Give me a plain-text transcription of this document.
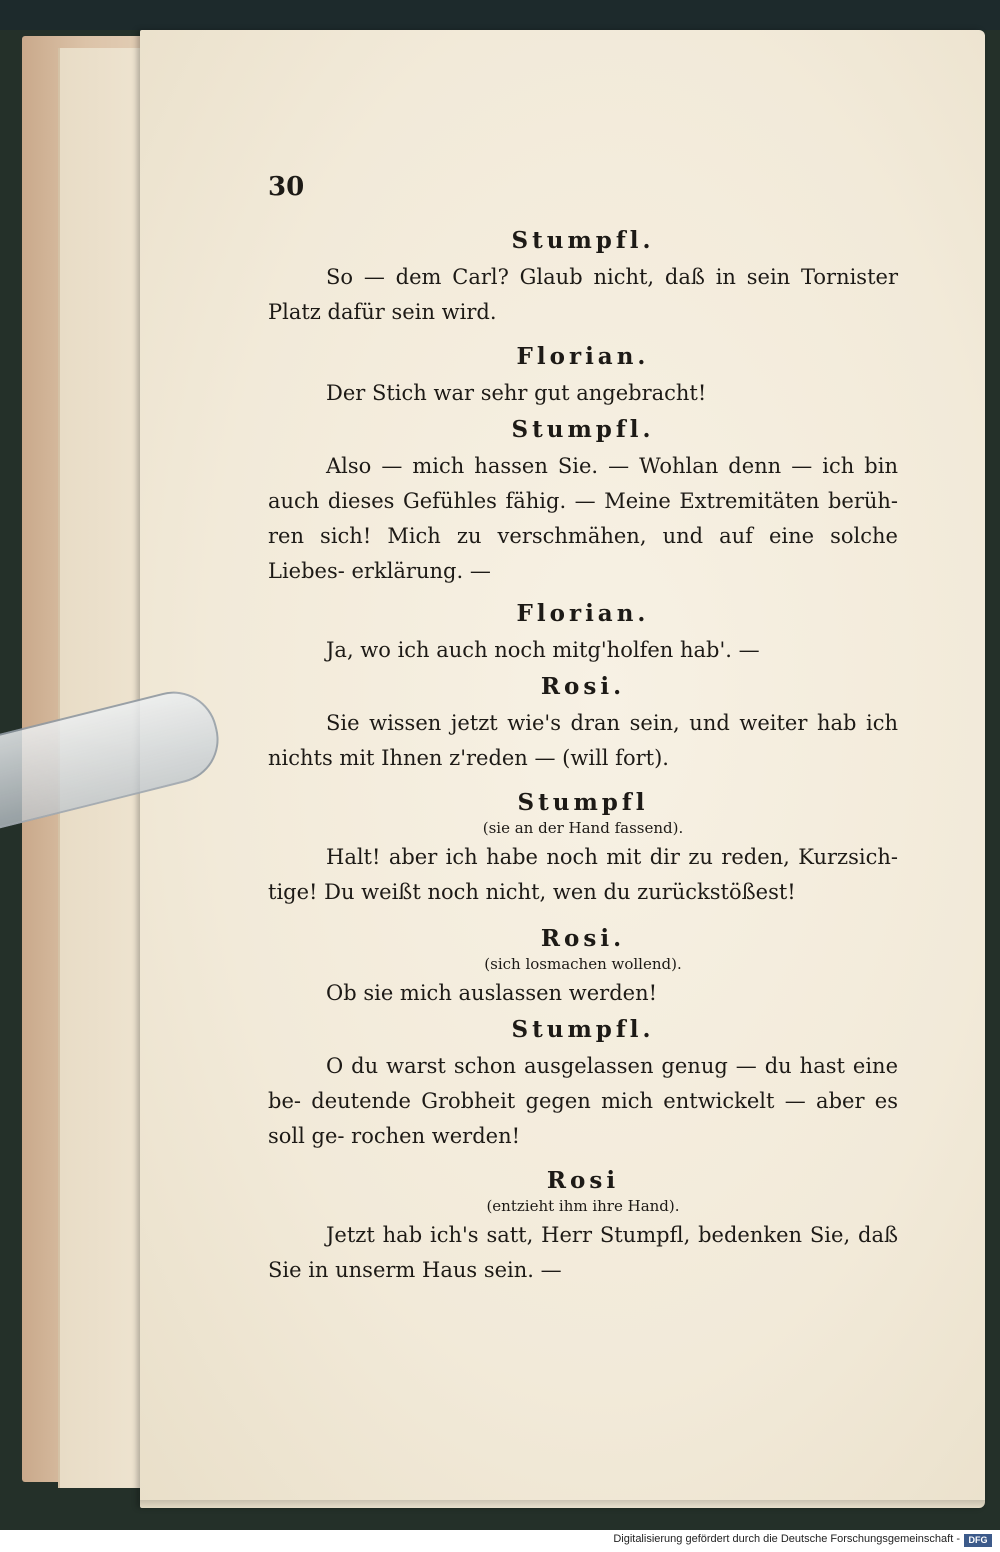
30
Stumpfl.
So — dem Carl? Glaub nicht, daß in sein Tornister Platz dafür sein wird.
Florian.
Der Stich war sehr gut angebracht!
Stumpfl.
Also — mich hassen Sie. — Wohlan denn — ich bin auch dieses Gefühles fähig. — Meine Extremitäten berüh- ren sich! Mich zu verschmähen, und auf eine solche Liebes- erklärung. —
Florian.
Ja, wo ich auch noch mitg'holfen hab'. —
Rosi.
Sie wissen jetzt wie's dran sein, und weiter hab ich nichts mit Ihnen z'reden — (will fort).
Stumpfl
(sie an der Hand fassend).
Halt! aber ich habe noch mit dir zu reden, Kurzsich- tige! Du weißt noch nicht, wen du zurückstößest!
Rosi.
(sich losmachen wollend).
Ob sie mich auslassen werden!
Stumpfl.
O du warst schon ausgelassen genug — du hast eine be- deutende Grobheit gegen mich entwickelt — aber es soll ge- rochen werden!
Rosi
(entzieht ihm ihre Hand).
Jetzt hab ich's satt, Herr Stumpfl, bedenken Sie, daß Sie in unserm Haus sein. —
Digitalisierung gefördert durch die Deutsche Forschungsgemeinschaft - DFG
